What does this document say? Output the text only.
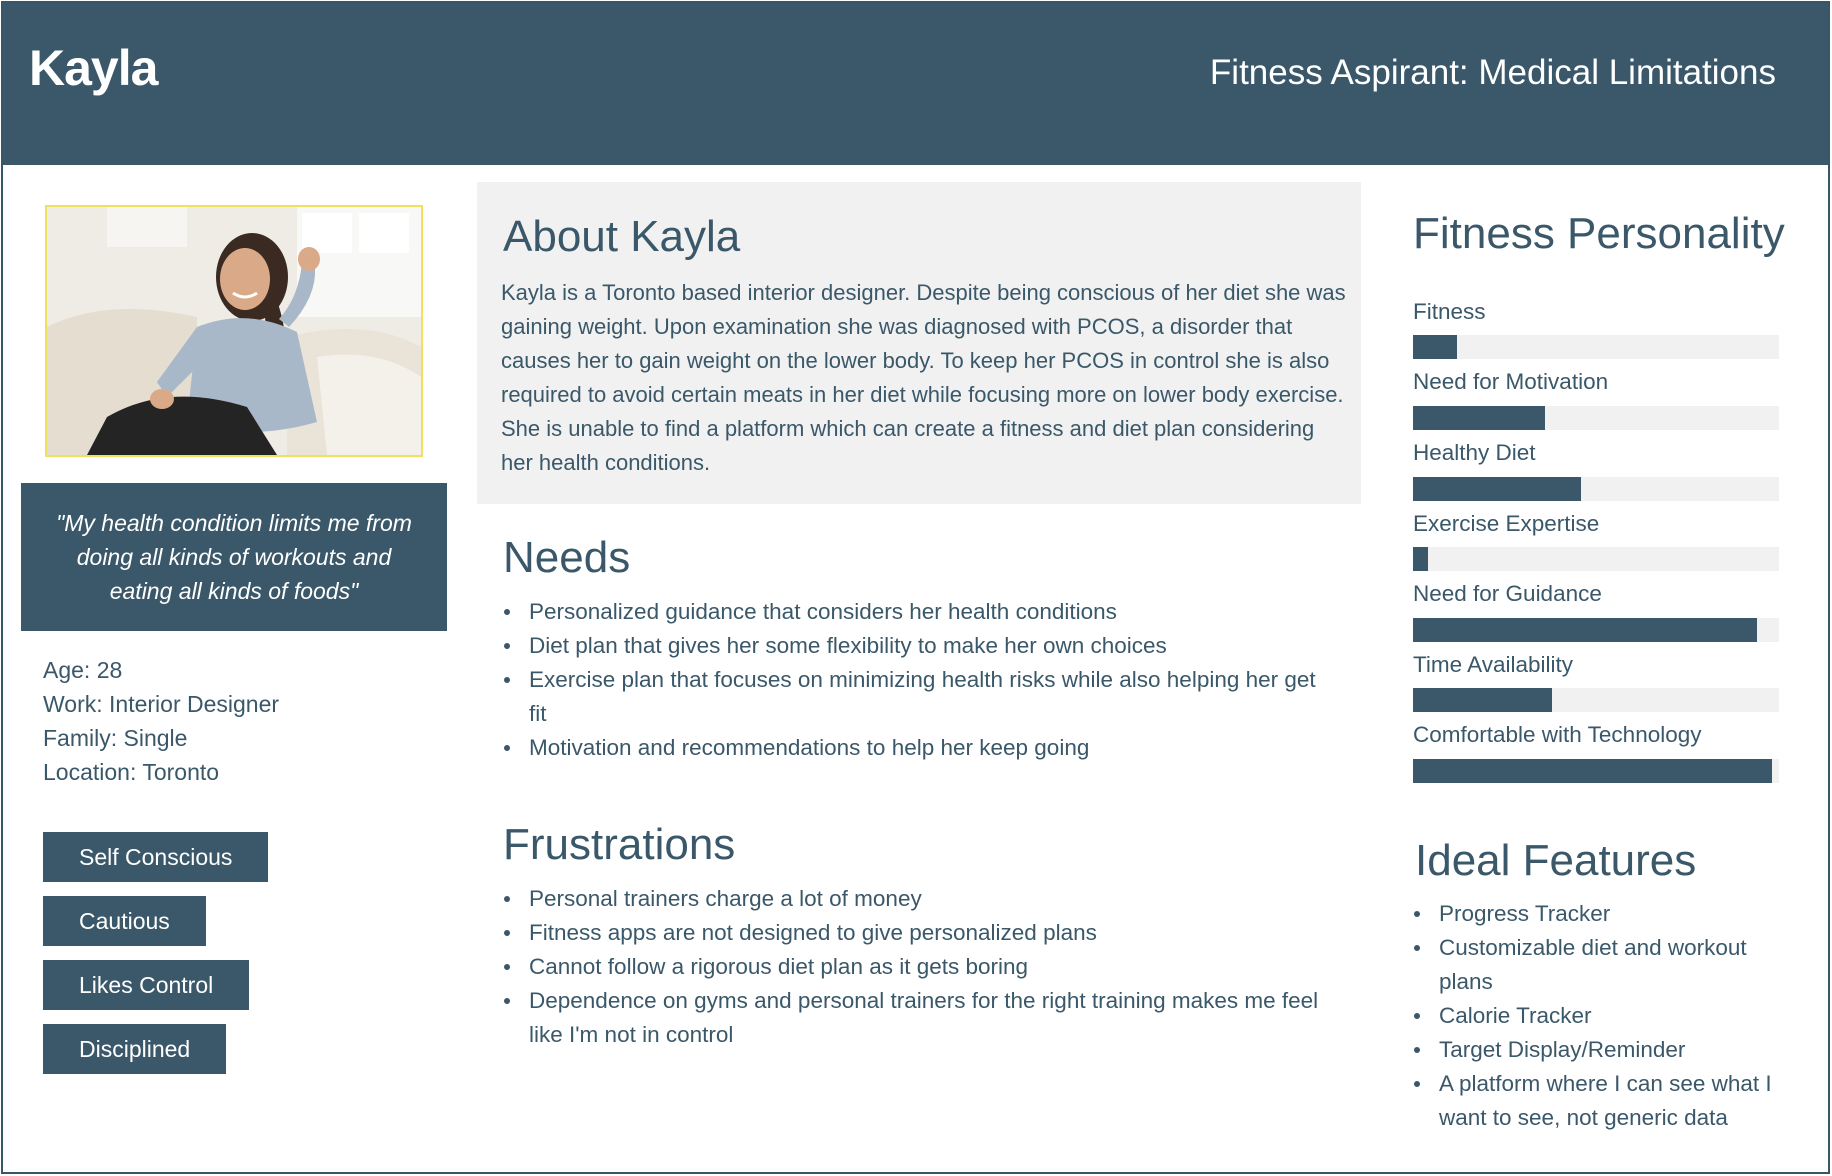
Kayla	Fitness Aspirant: Medical Limitations
"My health condition limits me from doing all kinds of workouts and eating all kinds of foods"
Age: 28
Work: Interior Designer
Family: Single
Location: Toronto
Self Conscious
Cautious
Likes Control
Disciplined
About Kayla
Kayla is a Toronto based interior designer. Despite being conscious of her diet she was gaining weight. Upon examination she was diagnosed with PCOS, a disorder that causes her to gain weight on the lower body. To keep her PCOS in control she is also required to avoid certain meats in her diet while focusing more on lower body exercise. She is unable to find a platform which can create a fitness and diet plan considering her health conditions.
Needs
Personalized guidance that considers her health conditions
Diet plan that gives her some flexibility to make her own choices
Exercise plan that focuses on minimizing health risks while also helping her get fit
Motivation and recommendations to help her keep going
Frustrations
Personal trainers charge a lot of money
Fitness apps are not designed to give personalized plans
Cannot follow a rigorous diet plan as it gets boring
Dependence on gyms and personal trainers for the right training makes me feel like I'm not in control
Fitness Personality
Fitness
Need for Motivation
Healthy Diet
Exercise Expertise
Need for Guidance
Time Availability
Comfortable with Technology
Ideal Features
Progress Tracker
Customizable diet and workout plans
Calorie Tracker
Target Display/Reminder
A platform where I can see what I want to see, not generic data
